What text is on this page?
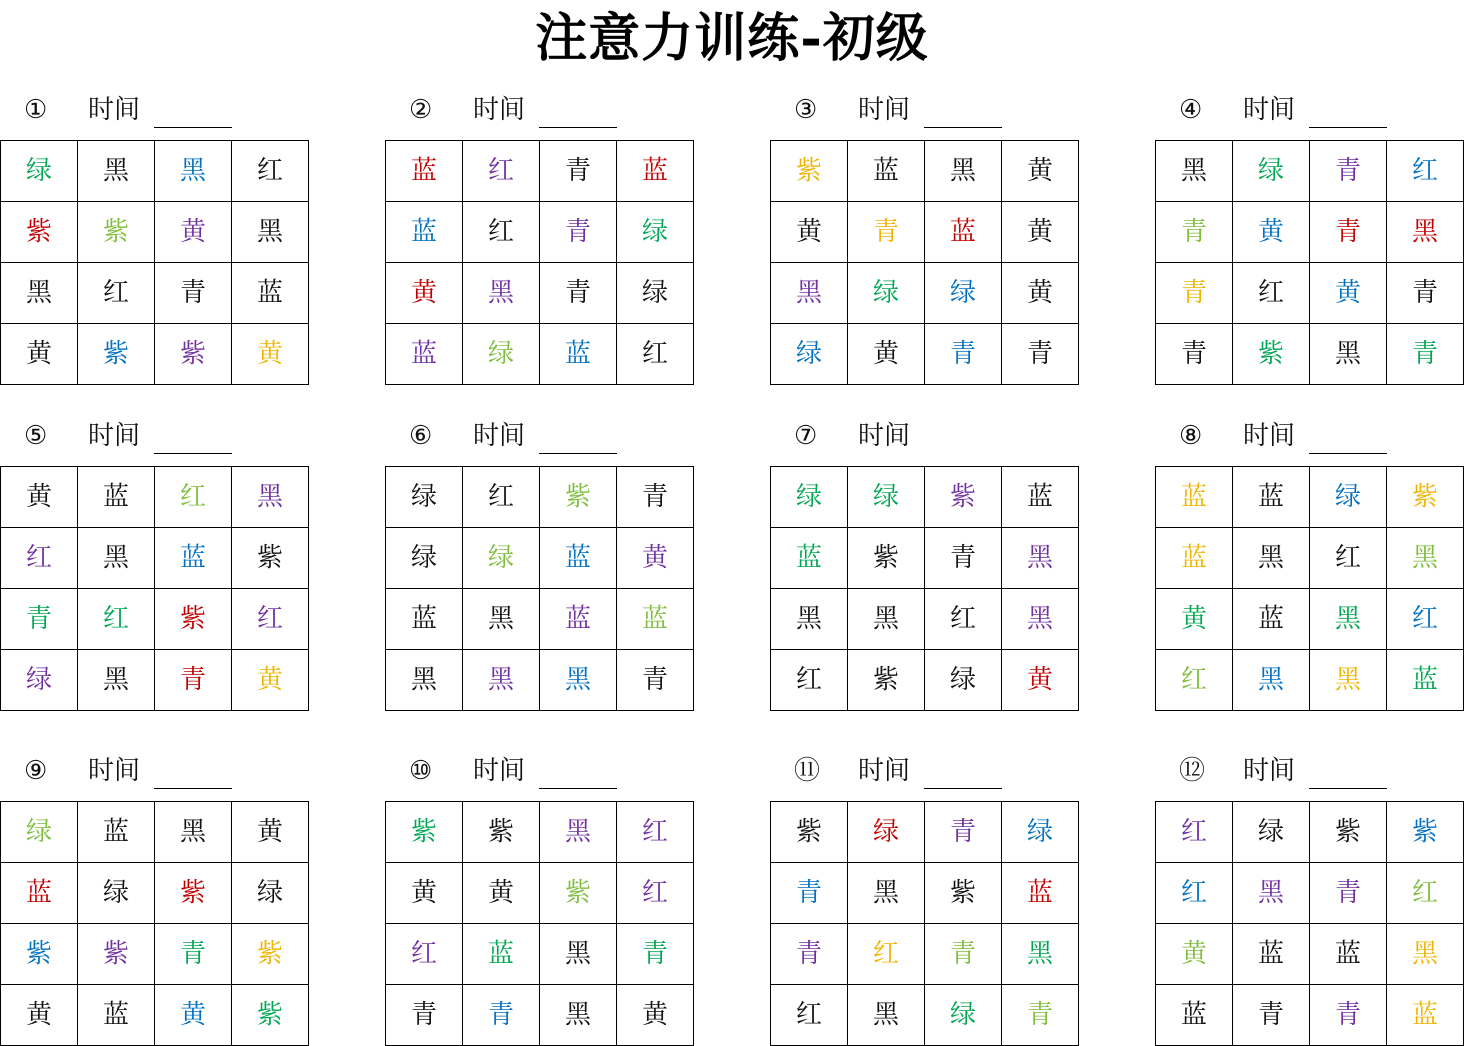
注意力训练-初级
① 时间
绿	黑	黑	红
紫	紫	黄	黑
黑	红	青	蓝
黄	紫	紫	黄
② 时间
蓝	红	青	蓝
蓝	红	青	绿
黄	黑	青	绿
蓝	绿	蓝	红
③ 时间
紫	蓝	黑	黄
黄	青	蓝	黄
黑	绿	绿	黄
绿	黄	青	青
④ 时间
黑	绿	青	红
青	黄	青	黑
青	红	黄	青
青	紫	黑	青
⑤ 时间
黄	蓝	红	黑
红	黑	蓝	紫
青	红	紫	红
绿	黑	青	黄
⑥ 时间
绿	红	紫	青
绿	绿	蓝	黄
蓝	黑	蓝	蓝
黑	黑	黑	青
⑦ 时间
绿	绿	紫	蓝
蓝	紫	青	黑
黑	黑	红	黑
红	紫	绿	黄
⑧ 时间
蓝	蓝	绿	紫
蓝	黑	红	黑
黄	蓝	黑	红
红	黑	黑	蓝
⑨ 时间
绿	蓝	黑	黄
蓝	绿	紫	绿
紫	紫	青	紫
黄	蓝	黄	紫
⑩ 时间
紫	紫	黑	红
黄	黄	紫	红
红	蓝	黑	青
青	青	黑	黄
⑪ 时间
紫	绿	青	绿
青	黑	紫	蓝
青	红	青	黑
红	黑	绿	青
⑫ 时间
红	绿	紫	紫
红	黑	青	红
黄	蓝	蓝	黑
蓝	青	青	蓝
